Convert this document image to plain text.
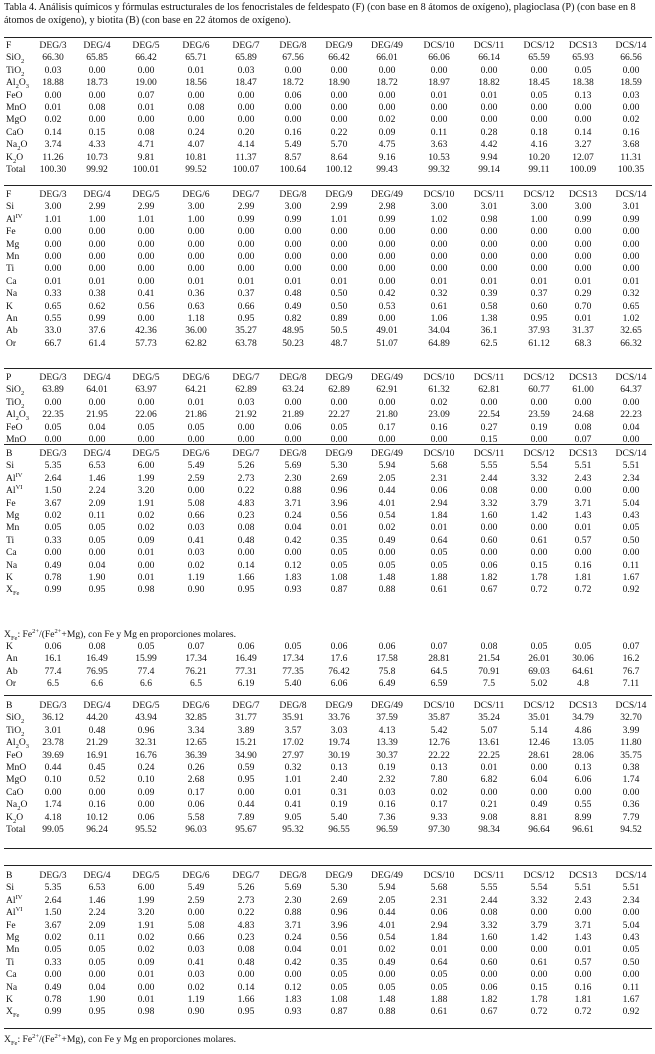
Tabla 4. Análisis químicos y fórmulas estructurales de los fenocristales de feldespato (F) (con base en 8 átomos de oxígeno), plagioclasa (P) (con base en 8 átomos de oxígeno), y biotita (B) (con base en 22 átomos de oxígeno).
F	DEG/3	DEG/4	DEG/5	DEG/6	DEG/7	DEG/8	DEG/9	DEG/49	DCS/10	DCS/11	DCS/12	DCS13	DCS/14
SiO$_2$	66.30	65.85	66.42	65.71	65.89	67.56	66.42	66.01	66.06	66.14	65.59	65.93	66.56
TiO$_2$	0.03	0.00	0.00	0.01	0.03	0.00	0.00	0.00	0.00	0.00	0.00	0.05	0.00
$Al_2O_3$	18.88	18.73	19.00	18.56	18.47	18.72	18.90	18.72	18.97	18.82	18.45	18.38	18.59
FeO	0.00	0.00	0.07	0.00	0.00	0.06	0.00	0.00	0.01	0.01	0.05	0.13	0.03
MnO	0.01	0.08	0.01	0.08	0.00	0.00	0.00	0.00	0.00	0.00	0.00	0.00	0.00
MgO	0.02	0.00	0.00	0.00	0.00	0.00	0.00	0.02	0.00	0.00	0.00	0.00	0.02
CaO	0.14	0.15	0.08	0.24	0.20	0.16	0.22	0.09	0.11	0.28	0.18	0.14	0.16
$Na_2O$	3.74	4.33	4.71	4.07	4.14	5.49	5.70	4.75	3.63	4.42	4.16	3.27	3.68
$K_2O$	11.26	10.73	9.81	10.81	11.37	8.57	8.64	9.16	10.53	9.94	10.20	12.07	11.31
Total	100.30	99.92	100.01	99.52	100.07	100.64	100.12	99.43	99.32	99.14	99.11	100.09	100.35
F	DEG/3	DEG/4	DEG/5	DEG/6	DEG/7	DEG/8	DEG/9	DEG/49	DCS/10	DCS/11	DCS/12	DCS13	DCS/14
Si	3.00	2.99	2.99	3.00	2.99	3.00	2.99	2.98	3.00	3.01	3.00	3.00	3.01
$Al^{IV}$	1.01	1.00	1.01	1.00	0.99	0.99	1.01	0.99	1.02	0.98	1.00	0.99	0.99
Fe	0.00	0.00	0.00	0.00	0.00	0.00	0.00	0.00	0.00	0.00	0.00	0.00	0.00
Mg	0.00	0.00	0.00	0.00	0.00	0.00	0.00	0.00	0.00	0.00	0.00	0.00	0.00
Mn	0.00	0.00	0.00	0.00	0.00	0.00	0.00	0.00	0.00	0.00	0.00	0.00	0.00
Ti	0.00	0.00	0.00	0.00	0.00	0.00	0.00	0.00	0.00	0.00	0.00	0.00	0.00
Ca	0.01	0.01	0.00	0.01	0.01	0.01	0.01	0.00	0.01	0.01	0.01	0.01	0.01
Na	0.33	0.38	0.41	0.36	0.37	0.48	0.50	0.42	0.32	0.39	0.37	0.29	0.32
K	0.65	0.62	0.56	0.63	0.66	0.49	0.50	0.53	0.61	0.58	0.60	0.70	0.65
An	0.55	0.99	0.00	1.18	0.95	0.82	0.89	0.00	1.06	1.38	0.95	0.01	1.02
Ab	33.0	37.6	42.36	36.00	35.27	48.95	50.5	49.01	34.04	36.1	37.93	31.37	32.65
Or	66.7	61.4	57.73	62.82	63.78	50.23	48.7	51.07	64.89	62.5	61.12	68.3	66.32
P	DEG/3	DEG/4	DEG/5	DEG/6	DEG/7	DEG/8	DEG/9	DEG/49	DCS/10	DCS/11	DCS/12	DCS13	DCS/14
SiO$_2$	63.89	64.01	63.97	64.21	62.89	63.24	62.89	62.91	61.32	62.81	60.77	61.00	64.37
TiO$_2$	0.00	0.00	0.00	0.01	0.03	0.00	0.00	0.00	0.02	0.00	0.00	0.00	0.00
$Al_2O_3$	22.35	21.95	22.06	21.86	21.92	21.89	22.27	21.80	23.09	22.54	23.59	24.68	22.23
FeO	0.05	0.04	0.05	0.05	0.00	0.06	0.05	0.17	0.16	0.27	0.19	0.08	0.04
MnO	0.00	0.00	0.00	0.00	0.00	0.00	0.00	0.00	0.00	0.15	0.00	0.07	0.00
B	DEG/3	DEG/4	DEG/5	DEG/6	DEG/7	DEG/8	DEG/9	DEG/49	DCS/10	DCS/11	DCS/12	DCS13	DCS/14
Si	5.35	6.53	6.00	5.49	5.26	5.69	5.30	5.94	5.68	5.55	5.54	5.51	5.51
$Al^{IV}$	2.64	1.46	1.99	2.59	2.73	2.30	2.69	2.05	2.31	2.44	3.32	2.43	2.34
$Al^{VI}$	1.50	2.24	3.20	0.00	0.22	0.88	0.96	0.44	0.06	0.08	0.00	0.00	0.00
Fe	3.67	2.09	1.91	5.08	4.83	3.71	3.96	4.01	2.94	3.32	3.79	3.71	5.04
Mg	0.02	0.11	0.02	0.66	0.23	0.24	0.56	0.54	1.84	1.60	1.42	1.43	0.43
Mn	0.05	0.05	0.02	0.03	0.08	0.04	0.01	0.02	0.01	0.00	0.00	0.01	0.05
Ti	0.33	0.05	0.09	0.41	0.48	0.42	0.35	0.49	0.64	0.60	0.61	0.57	0.50
Ca	0.00	0.00	0.01	0.03	0.00	0.00	0.05	0.00	0.05	0.00	0.00	0.00	0.00
Na	0.49	0.04	0.00	0.02	0.14	0.12	0.05	0.05	0.05	0.06	0.15	0.16	0.11
K	0.78	1.90	0.01	1.19	1.66	1.83	1.08	1.48	1.88	1.82	1.78	1.81	1.67
$X_{Fe}$	0.99	0.95	0.98	0.90	0.95	0.93	0.87	0.88	0.61	0.67	0.72	0.72	0.92
K	0.06	0.08	0.05	0.07	0.06	0.05	0.06	0.06	0.07	0.08	0.05	0.05	0.07
An	16.1	16.49	15.99	17.34	16.49	17.34	17.6	17.58	28.81	21.54	26.01	30.06	16.2
Ab	77.4	76.95	77.4	76.21	77.31	77.35	76.42	75.8	64.5	70.91	69.03	64.61	76.7
Or	6.5	6.6	6.6	6.5	6.19	5.40	6.06	6.49	6.59	7.5	5.02	4.8	7.11
B	DEG/3	DEG/4	DEG/5	DEG/6	DEG/7	DEG/8	DEG/9	DEG/49	DCS/10	DCS/11	DCS/12	DCS13	DCS/14
SiO$_2$	36.12	44.20	43.94	32.85	31.77	35.91	33.76	37.59	35.87	35.24	35.01	34.79	32.70
TiO$_2$	3.01	0.48	0.96	3.34	3.89	3.57	3.03	4.13	5.42	5.07	5.14	4.86	3.99
$Al_2O_3$	23.78	21.29	32.31	12.65	15.21	17.02	19.74	13.39	12.76	13.61	12.46	13.05	11.80
FeO	39.69	16.91	16.76	36.39	34.90	27.97	30.19	30.37	22.22	22.25	28.61	28.06	35.75
MnO	0.44	0.45	0.24	0.26	0.59	0.32	0.13	0.19	0.13	0.01	0.00	0.13	0.38
MgO	0.10	0.52	0.10	2.68	0.95	1.01	2.40	2.32	7.80	6.82	6.04	6.06	1.74
CaO	0.00	0.00	0.09	0.17	0.00	0.01	0.31	0.03	0.02	0.00	0.00	0.00	0.00
$Na_2O$	1.74	0.16	0.00	0.06	0.44	0.41	0.19	0.16	0.17	0.21	0.49	0.55	0.36
$K_2O$	4.18	10.12	0.06	5.58	7.89	9.05	5.40	7.36	9.33	9.08	8.81	8.99	7.79
Total	99.05	96.24	95.52	96.03	95.67	95.32	96.55	96.59	97.30	98.34	96.64	96.61	94.52
B	DEG/3	DEG/4	DEG/5	DEG/6	DEG/7	DEG/8	DEG/9	DEG/49	DCS/10	DCS/11	DCS/12	DCS13	DCS/14
Si	5.35	6.53	6.00	5.49	5.26	5.69	5.30	5.94	5.68	5.55	5.54	5.51	5.51
$Al^{IV}$	2.64	1.46	1.99	2.59	2.73	2.30	2.69	2.05	2.31	2.44	3.32	2.43	2.34
$Al^{VI}$	1.50	2.24	3.20	0.00	0.22	0.88	0.96	0.44	0.06	0.08	0.00	0.00	0.00
Fe	3.67	2.09	1.91	5.08	4.83	3.71	3.96	4.01	2.94	3.32	3.79	3.71	5.04
Mg	0.02	0.11	0.02	0.66	0.23	0.24	0.56	0.54	1.84	1.60	1.42	1.43	0.43
Mn	0.05	0.05	0.02	0.03	0.08	0.04	0.01	0.02	0.01	0.00	0.00	0.01	0.05
Ti	0.33	0.05	0.09	0.41	0.48	0.42	0.35	0.49	0.64	0.60	0.61	0.57	0.50
Ca	0.00	0.00	0.01	0.03	0.00	0.00	0.05	0.00	0.05	0.00	0.00	0.00	0.00
Na	0.49	0.04	0.00	0.02	0.14	0.12	0.05	0.05	0.05	0.06	0.15	0.16	0.11
K	0.78	1.90	0.01	1.19	1.66	1.83	1.08	1.48	1.88	1.82	1.78	1.81	1.67
$X_{Fe}$	0.99	0.95	0.98	0.90	0.95	0.93	0.87	0.88	0.61	0.67	0.72	0.72	0.92
$X_{Fe}$: $Fe^{2+}/(Fe^{2+}+Mg)$, con Fe y Mg en proporciones molares.
$X_{Fe}$: $Fe^{2+}/(Fe^{2+}+Mg)$, con Fe y Mg en proporciones molares.
